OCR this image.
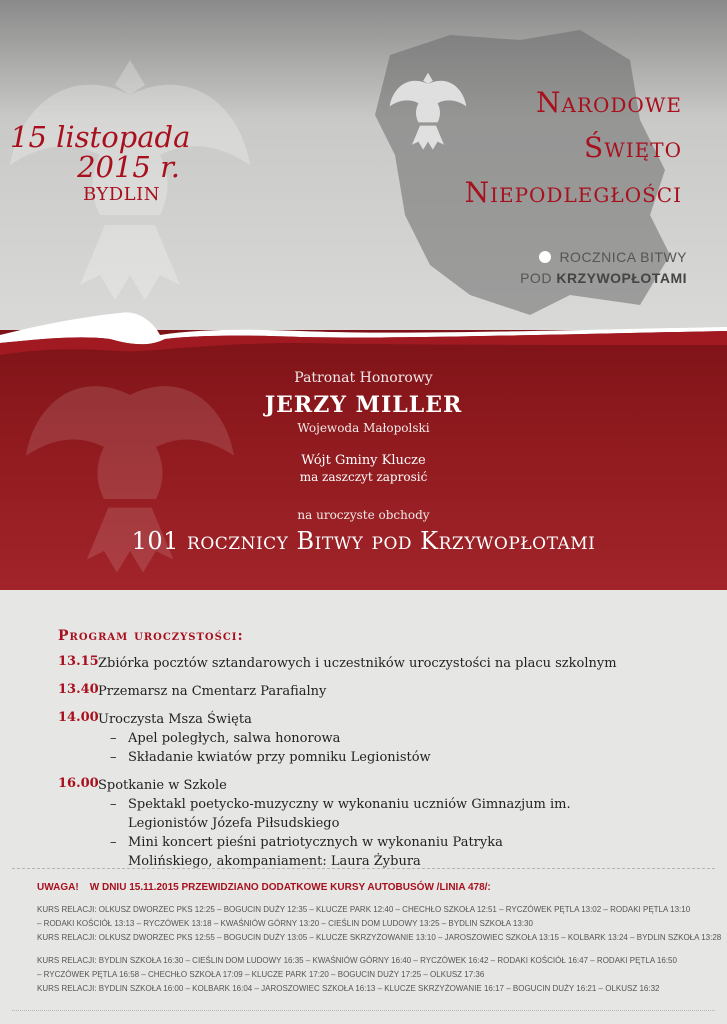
15 listopada
2015 r.
BYDLIN
Narodowe
Święto
Niepodległości
ROCZNICA BITWY
POD KRZYWOPŁOTAMI
Patronat Honorowy
JERZY MILLER
Wojewoda Małopolski
Wójt Gminy Klucze
ma zaszczyt zaprosić
na uroczyste obchody
101 rocznicy Bitwy pod Krzywopłotami
Program uroczystości:
13.15 Zbiórka pocztów sztandarowych i uczestników uroczystości na placu szkolnym
13.40 Przemarsz na Cmentarz Parafialny
14.00 Uroczysta Msza Święta
– Apel poległych, salwa honorowa
– Składanie kwiatów przy pomniku Legionistów
16.00 Spotkanie w Szkole
– Spektakl poetycko-muzyczny w wykonaniu uczniów Gimnazjum im. Legionistów Józefa Piłsudskiego
– Mini koncert pieśni patriotycznych w wykonaniu Patryka Molińskiego, akompaniament: Laura Żybura
UWAGA!    W DNIU 15.11.2015 PRZEWIDZIANO DODATKOWE KURSY AUTOBUSÓW /LINIA 478/:
KURS RELACJI: OLKUSZ DWORZEC PKS 12:25 – BOGUCIN DUŻY 12:35 – KLUCZE PARK 12:40 – CHECHŁO SZKOŁA 12:51 – RYCZÓWEK PĘTLA 13:02 – RODAKI PĘTLA 13:10
– RODAKI KOŚCIÓŁ 13:13 – RYCZÓWEK 13:18 – KWAŚNIÓW GÓRNY 13:20 – CIEŚLIN DOM LUDOWY 13:25 – BYDLIN SZKOŁA 13:30
KURS RELACJI: OLKUSZ DWORZEC PKS 12:55 – BOGUCIN DUŻY 13:05 – KLUCZE SKRZYŻOWANIE 13:10 – JAROSZOWIEC SZKOŁA 13:15 – KOLBARK 13:24 – BYDLIN SZKOŁA 13:28
KURS RELACJI: BYDLIN SZKOŁA 16:30 – CIEŚLIN DOM LUDOWY 16:35 – KWAŚNIÓW GÓRNY 16:40 – RYCZÓWEK 16:42 – RODAKI KOŚCIÓŁ 16:47 – RODAKI PĘTLA 16:50
– RYCZÓWEK PĘTLA 16:58 – CHECHŁO SZKOŁA 17:09 – KLUCZE PARK 17:20 – BOGUCIN DUŻY 17:25 – OLKUSZ 17:36
KURS RELACJI: BYDLIN SZKOŁA 16:00 – KOLBARK 16:04 – JAROSZOWIEC SZKOŁA 16:13 – KLUCZE SKRZYŻOWANIE 16:17 – BOGUCIN DUŻY 16:21 – OLKUSZ 16:32
